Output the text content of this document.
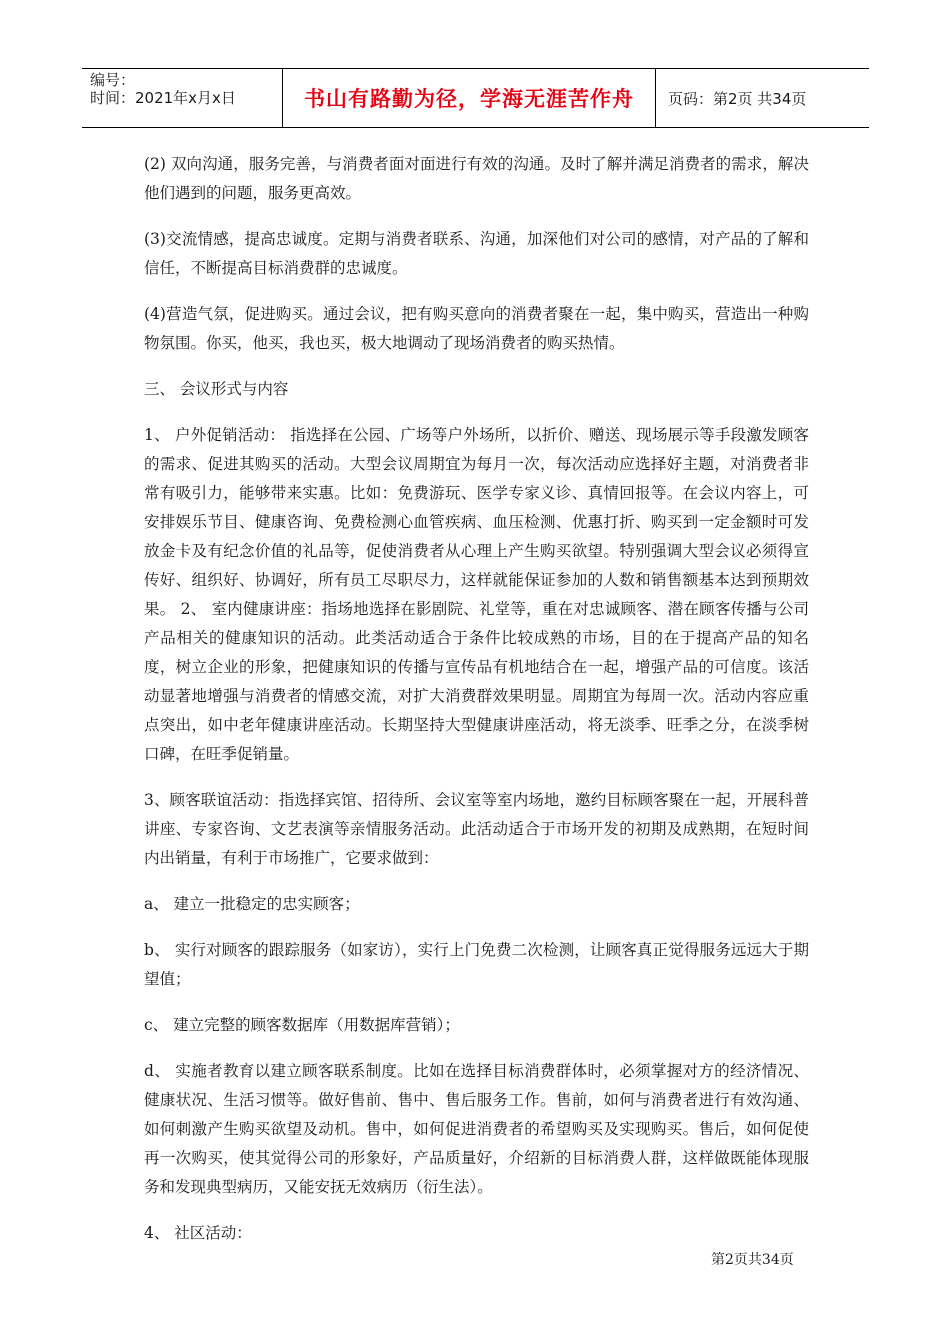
编号：
时间：2021年x月x日	书山有路勤为径，学海无涯苦作舟	页码：第2页 共34页

(2) 双向沟通，服务完善，与消费者面对面进行有效的沟通。及时了解并满足消费者的需求，解决他们遇到的问题，服务更高效。

(3)交流情感，提高忠诚度。定期与消费者联系、沟通，加深他们对公司的感情，对产品的了解和信任，不断提高目标消费群的忠诚度。

(4)营造气氛，促进购买。通过会议，把有购买意向的消费者聚在一起，集中购买，营造出一种购物氛围。你买，他买，我也买，极大地调动了现场消费者的购买热情。

三、 会议形式与内容

1、 户外促销活动： 指选择在公园、广场等户外场所，以折价、赠送、现场展示等手段激发顾客的需求、促进其购买的活动。大型会议周期宜为每月一次，每次活动应选择好主题，对消费者非常有吸引力，能够带来实惠。比如：免费游玩、医学专家义诊、真情回报等。在会议内容上，可安排娱乐节目、健康咨询、免费检测心血管疾病、血压检测、优惠打折、购买到一定金额时可发放金卡及有纪念价值的礼品等，促使消费者从心理上产生购买欲望。特别强调大型会议必须得宣传好、组织好、协调好，所有员工尽职尽力，这样就能保证参加的人数和销售额基本达到预期效果。 2、 室内健康讲座：指场地选择在影剧院、礼堂等，重在对忠诚顾客、潜在顾客传播与公司产品相关的健康知识的活动。此类活动适合于条件比较成熟的市场，目的在于提高产品的知名度，树立企业的形象，把健康知识的传播与宣传品有机地结合在一起，增强产品的可信度。该活动显著地增强与消费者的情感交流，对扩大消费群效果明显。周期宜为每周一次。活动内容应重点突出，如中老年健康讲座活动。长期坚持大型健康讲座活动，将无淡季、旺季之分，在淡季树口碑，在旺季促销量。

3、顾客联谊活动：指选择宾馆、招待所、会议室等室内场地，邀约目标顾客聚在一起，开展科普讲座、专家咨询、文艺表演等亲情服务活动。此活动适合于市场开发的初期及成熟期，在短时间内出销量，有利于市场推广，它要求做到：

a、 建立一批稳定的忠实顾客；

b、 实行对顾客的跟踪服务（如家访），实行上门免费二次检测，让顾客真正觉得服务远远大于期望值；

c、 建立完整的顾客数据库（用数据库营销）；

d、 实施者教育以建立顾客联系制度。比如在选择目标消费群体时，必须掌握对方的经济情况、健康状况、生活习惯等。做好售前、售中、售后服务工作。售前，如何与消费者进行有效沟通、如何刺激产生购买欲望及动机。售中，如何促进消费者的希望购买及实现购买。售后，如何促使再一次购买，使其觉得公司的形象好，产品质量好，介绍新的目标消费人群，这样做既能体现服务和发现典型病历，又能安抚无效病历（衍生法）。

4、 社区活动：

第2页共34页
